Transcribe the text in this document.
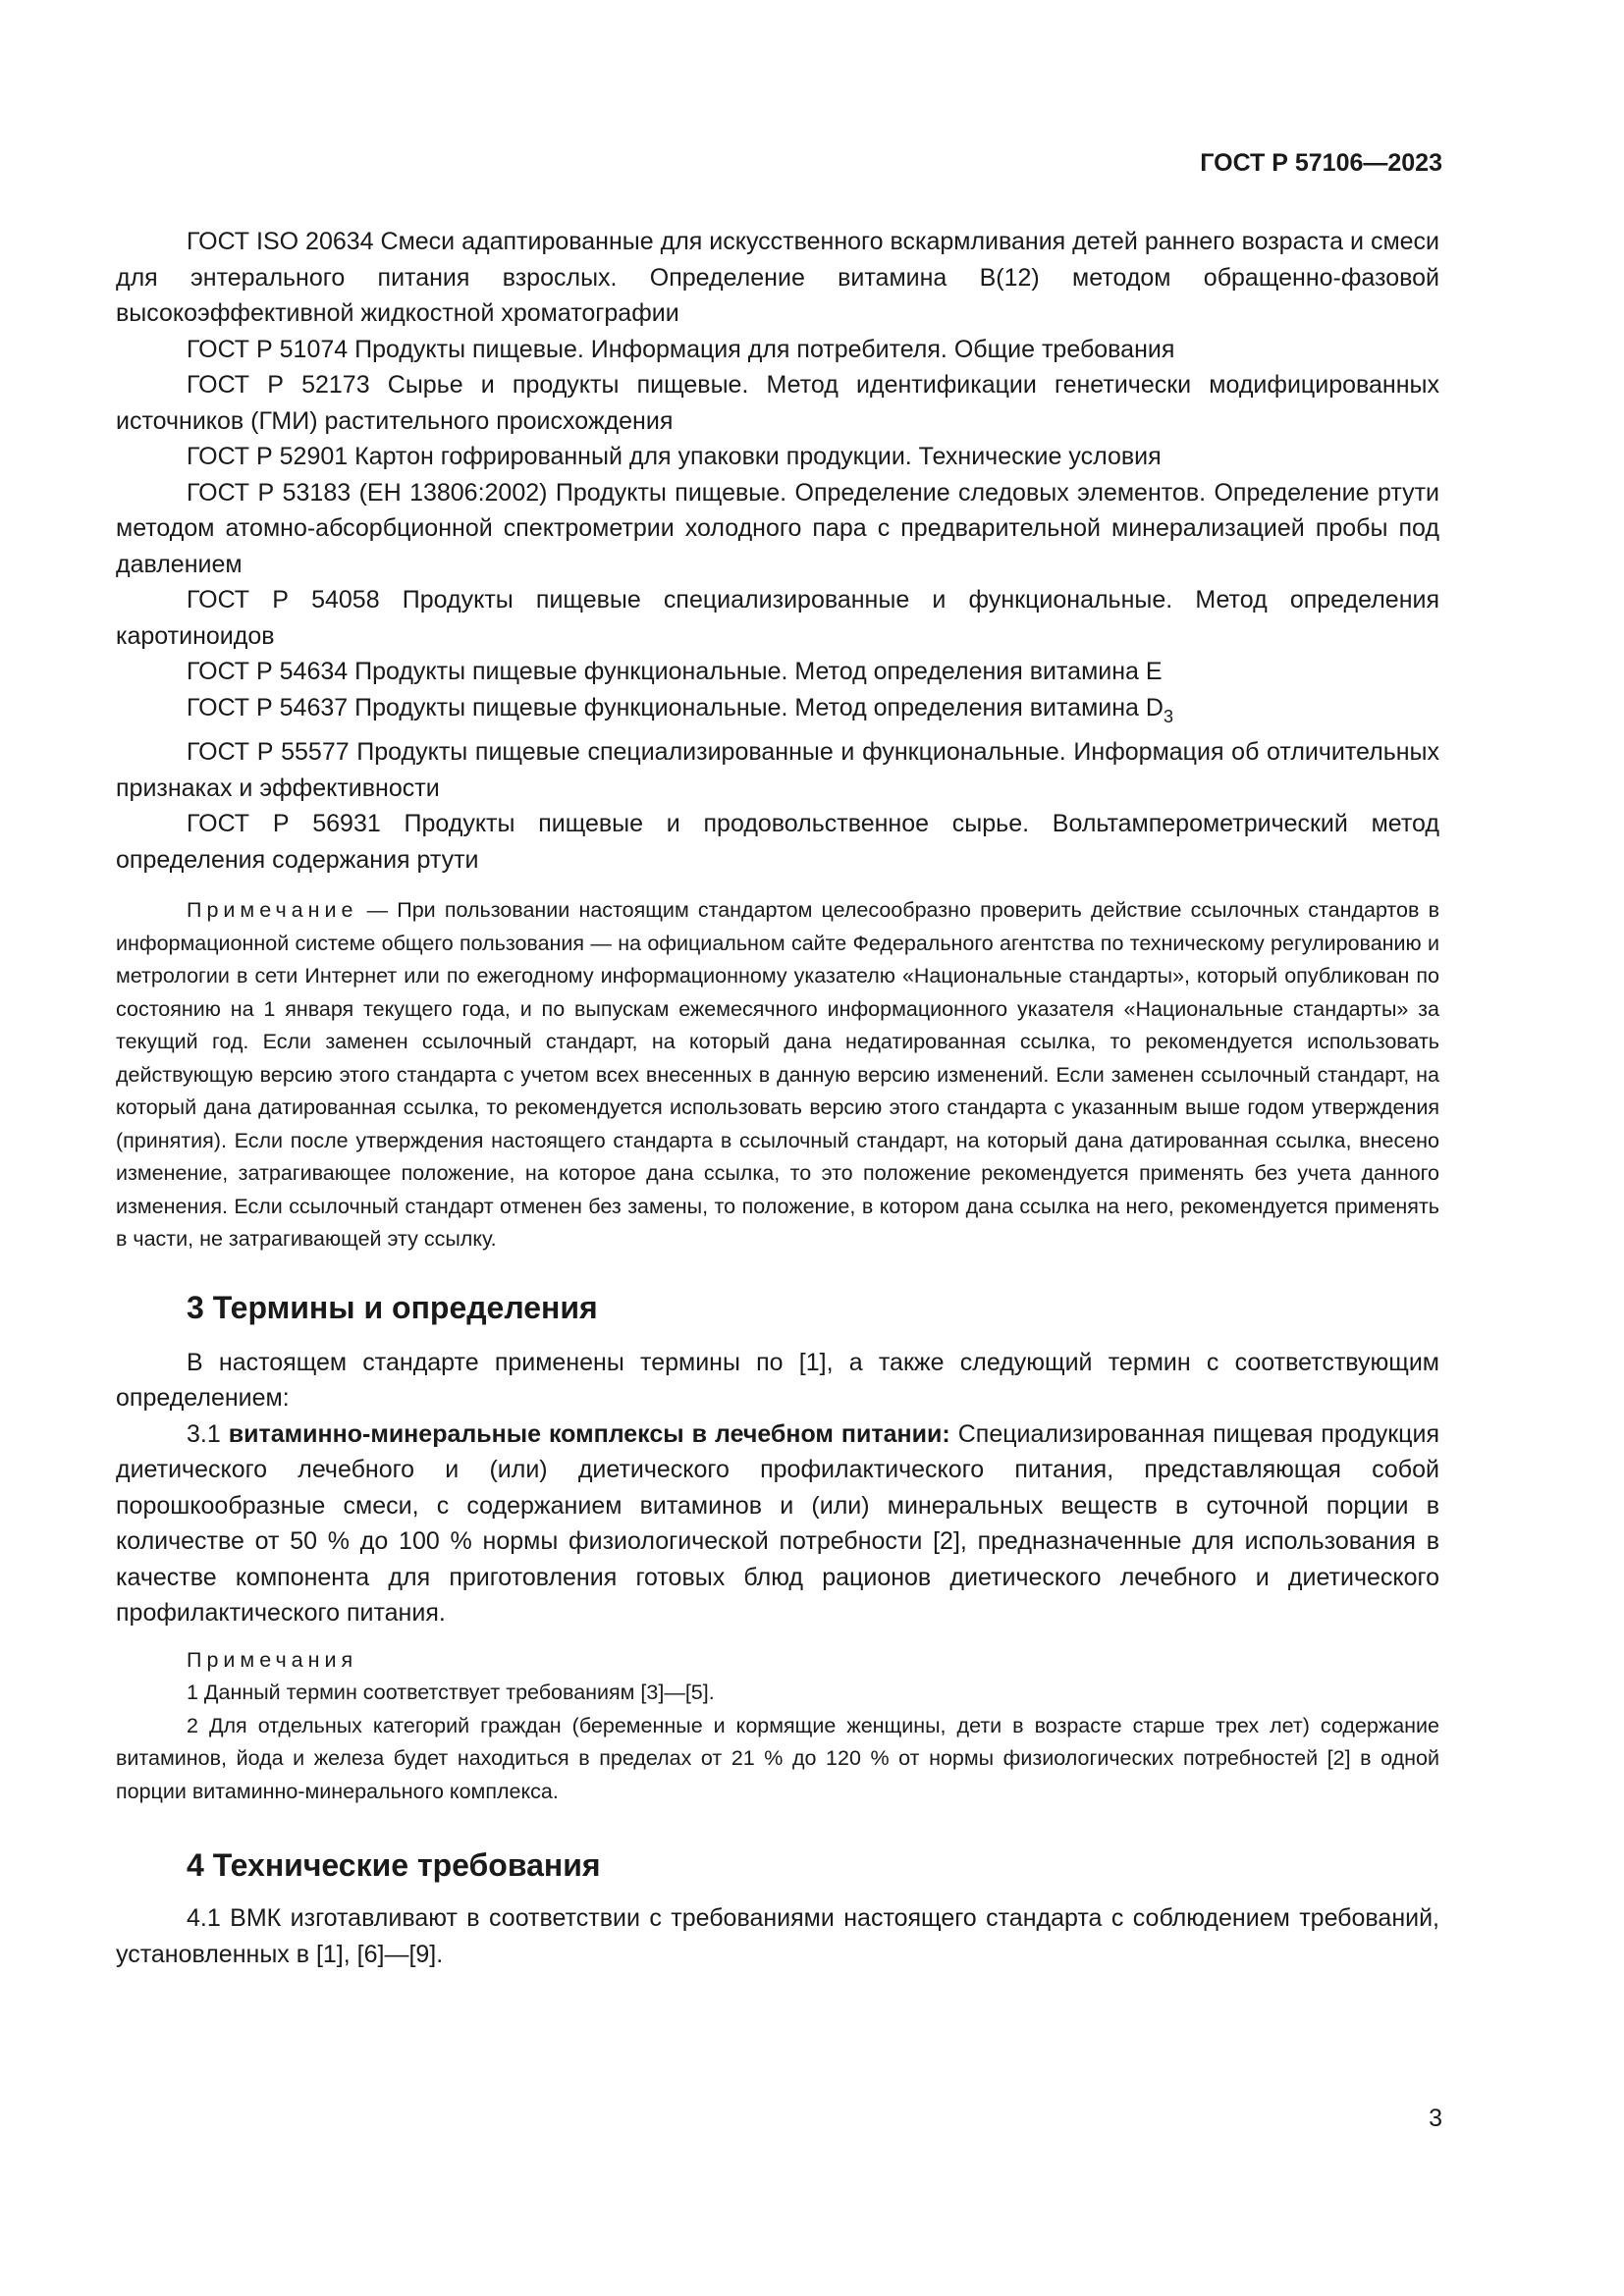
ГОСТ Р 57106—2023

ГОСТ ISO 20634 Смеси адаптированные для искусственного вскармливания детей раннего возраста и смеси для энтерального питания взрослых. Определение витамина B(12) методом обращенно-фазовой высокоэффективной жидкостной хроматографии

ГОСТ Р 51074 Продукты пищевые. Информация для потребителя. Общие требования

ГОСТ Р 52173 Сырье и продукты пищевые. Метод идентификации генетически модифицированных источников (ГМИ) растительного происхождения

ГОСТ Р 52901 Картон гофрированный для упаковки продукции. Технические условия

ГОСТ Р 53183 (ЕН 13806:2002) Продукты пищевые. Определение следовых элементов. Определение ртути методом атомно-абсорбционной спектрометрии холодного пара с предварительной минерализацией пробы под давлением

ГОСТ Р 54058 Продукты пищевые специализированные и функциональные. Метод определения каротиноидов

ГОСТ Р 54634 Продукты пищевые функциональные. Метод определения витамина Е

ГОСТ Р 54637 Продукты пищевые функциональные. Метод определения витамина $D_3$

ГОСТ Р 55577 Продукты пищевые специализированные и функциональные. Информация об отличительных признаках и эффективности

ГОСТ Р 56931 Продукты пищевые и продовольственное сырье. Вольтамперометрический метод определения содержания ртути

Примечание — При пользовании настоящим стандартом целесообразно проверить действие ссылочных стандартов в информационной системе общего пользования — на официальном сайте Федерального агентства по техническому регулированию и метрологии в сети Интернет или по ежегодному информационному указателю «Национальные стандарты», который опубликован по состоянию на 1 января текущего года, и по выпускам ежемесячного информационного указателя «Национальные стандарты» за текущий год. Если заменен ссылочный стандарт, на который дана недатированная ссылка, то рекомендуется использовать действующую версию этого стандарта с учетом всех внесенных в данную версию изменений. Если заменен ссылочный стандарт, на который дана датированная ссылка, то рекомендуется использовать версию этого стандарта с указанным выше годом утверждения (принятия). Если после утверждения настоящего стандарта в ссылочный стандарт, на который дана датированная ссылка, внесено изменение, затрагивающее положение, на которое дана ссылка, то это положение рекомендуется применять без учета данного изменения. Если ссылочный стандарт отменен без замены, то положение, в котором дана ссылка на него, рекомендуется применять в части, не затрагивающей эту ссылку.

3 Термины и определения

В настоящем стандарте применены термины по [1], а также следующий термин с соответствующим определением:

3.1 витаминно-минеральные комплексы в лечебном питании: Специализированная пищевая продукция диетического лечебного и (или) диетического профилактического питания, представляющая собой порошкообразные смеси, с содержанием витаминов и (или) минеральных веществ в суточной порции в количестве от 50 % до 100 % нормы физиологической потребности [2], предназначенные для использования в качестве компонента для приготовления готовых блюд рационов диетического лечебного и диетического профилактического питания.

Примечания

1 Данный термин соответствует требованиям [3]—[5].

2 Для отдельных категорий граждан (беременные и кормящие женщины, дети в возрасте старше трех лет) содержание витаминов, йода и железа будет находиться в пределах от 21 % до 120 % от нормы физиологических потребностей [2] в одной порции витаминно-минерального комплекса.

4 Технические требования

4.1 ВМК изготавливают в соответствии с требованиями настоящего стандарта с соблюдением требований, установленных в [1], [6]—[9].

3
